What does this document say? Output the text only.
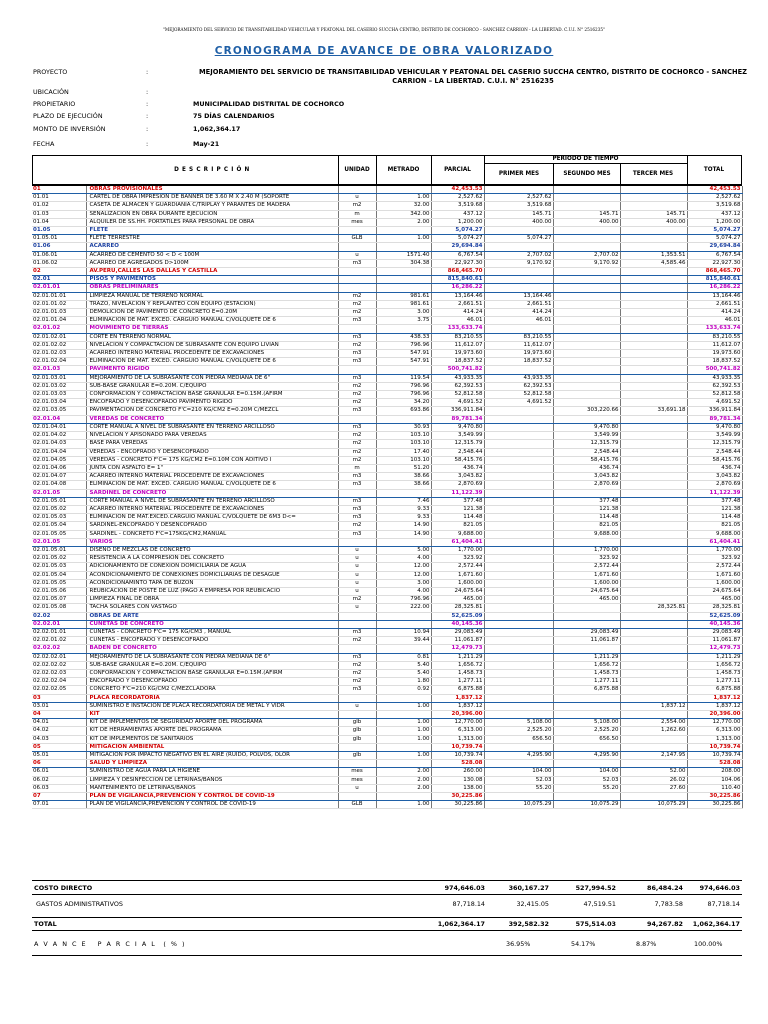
"MEJORAMIENTO DEL SERVICIO DE TRANSITABILIDAD VEHICULAR Y PEATONAL DEL CASERIO SUCCHA CENTRO, DISTRITO DE COCHORCO - SANCHEZ CARRION - LA LIBERTAD. C.U.I. N° 2516235"
CRONOGRAMA DE AVANCE DE OBRA VALORIZADO
PROYECTO	:	MEJORAMIENTO DEL SERVICIO DE TRANSITABILIDAD VEHICULAR Y PEATONAL DEL CASERIO SUCCHA CENTRO, DISTRITO DE COCHORCO - SANCHEZ CARRION – LA LIBERTAD. C.U.I. N° 2516235
UBICACIÓN	:
PROPIETARIO	:	MUNICIPALIDAD DISTRITAL DE COCHORCO
PLAZO DE EJECUCIÓN	:	75 DÍAS CALENDARIOS
MONTO DE INVERSIÓN	:	1,062,364.17
FECHA	:	May-21
D E S C R I P C I Ó N	UNIDAD	METRADO	PARCIAL
PERIODO DE TIEMPO
PRIMER MES	SEGUNDO MES	TERCER MES
TOTAL
01	OBRAS PROVISIONALES			42,453.53				42,453.53
01.01	CARTEL DE OBRA IMPRESION DE BANNER DE 3.60 M X 2.40 M (SOPORTE	u	1.00	2,527.62	2,527.62			2,527.62
01.02	CASETA DE ALMACÉN Y GUARDIANÍA C/TRIPLAY Y PARANTES DE MADERA	m2	32.00	3,519.68	3,519.68			3,519.68
01.03	SEÑALIZACION EN OBRA DURANTE EJECUCION	m	342.00	437.12	145.71	145.71	145.71	437.12
01.04	ALQUILER DE SS.HH. PORTATILES PARA PERSONAL DE OBRA	mes	2.00	1,200.00	400.00	400.00	400.00	1,200.00
01.05	FLETE			5,074.27				5,074.27
01.05.01	FLETE TERRESTRE	GLB	1.00	5,074.27	5,074.27			5,074.27
01.06	ACARREO			29,694.84				29,694.84
01.06.01	ACARREO DE CEMENTO 50 < D < 100M	u	1571.40	6,767.54	2,707.02	2,707.02	1,353.51	6,767.54
01.06.02	ACARREO DE AGREGADOS D>100M	m3	304.38	22,927.30	9,170.92	9,170.92	4,585.46	22,927.30
02	AV.PERU,CALLES LAS DALLAS Y CASTILLA			868,465.70				868,465.70
02.01	PISOS Y PAVIMENTOS			815,840.61				815,840.61
02.01.01	OBRAS PRELIMINARES			16,286.22				16,286.22
02.01.01.01	LIMPIEZA MANUAL DE TERRENO NORMAL	m2	981.61	13,164.46	13,164.46			13,164.46
02.01.01.02	TRAZO, NIVELACION Y REPLANTEO CON EQUIPO (ESTACION)	m2	981.61	2,661.51	2,661.51			2,661.51
02.01.01.03	DEMOLICIÓN DE PAVIMENTO DE CONCRETO E=0.20M	m2	3.00	414.24	414.24			414.24
02.01.01.04	ELIMINACIÓN DE MAT. EXCED. CARGUIO MANUAL C/VOLQUETE DE 6	m3	3.75	46.01	46.01			46.01
02.01.02	MOVIMIENTO DE TIERRAS			133,633.74				133,633.74
02.01.02.01	CORTE EN TERRENO NORMAL	m3	438.33	83,210.55	83,210.55			83,210.55
02.01.02.02	NIVELACIÓN Y COMPACTACIÓN DE SUBRASANTE CON EQUIPO LIVIAN	m2	796.96	11,612.07	11,612.07			11,612.07
02.01.02.03	ACARREO INTERNO MATERIAL PROCEDENTE DE EXCAVACIONES	m3	547.91	19,973.60	19,973.60			19,973.60
02.01.02.04	ELIMINACIÓN DE MAT. EXCED. CARGUIO MANUAL C/VOLQUETE DE 6	m3	547.91	18,837.52	18,837.52			18,837.52
02.01.03	PAVIMENTO RIGIDO			500,741.82				500,741.82
02.01.03.01	MEJORAMIENTO DE LA SUBRASANTE CON PIEDRA MEDIANA DE 6"	m3	119.54	43,933.35	43,933.35			43,933.35
02.01.03.02	SUB-BASE GRANULAR E=0.20M. C/EQUIPO	m2	796.96	62,392.53	62,392.53			62,392.53
02.01.03.03	CONFORMACIÓN Y COMPACTACIÓN BASE GRANULAR E=0.15M.(AFIRM	m2	796.96	52,812.58	52,812.58			52,812.58
02.01.03.04	ENCOFRADO Y DESENCOFRADO PAVIMENTO RIGIDO	m2	34.20	4,691.52	4,691.52			4,691.52
02.01.03.05	PAVIMENTACIÓN DE CONCRETO F'C=210 KG/CM2 E=0.20M C/MEZCL	m3	693.86	336,911.84		303,220.66	33,691.18	336,911.84
02.01.04	VEREDAS DE CONCRETO			89,781.34				89,781.34
02.01.04.01	CORTE MANUAL A NIVEL DE SUBRASANTE EN TERRENO ARCILLOSO	m3	30.93	9,470.80		9,470.80		9,470.80
02.01.04.02	NIVELACION Y APISONADO PARA VEREDAS	m2	103.10	3,549.99		3,549.99		3,549.99
02.01.04.03	BASE PARA VEREDAS	m2	103.10	12,315.79		12,315.79		12,315.79
02.01.04.04	VEREDAS - ENCOFRADO Y DESENCOFRADO	m2	17.40	2,548.44		2,548.44		2,548.44
02.01.04.05	VEREDAS - CONCRETO F'C= 175 KG/CM2 E=0.10M CON ADITIVO I	m2	103.10	58,415.76		58,415.76		58,415.76
02.01.04.06	JUNTA CON ASFALTO E= 1"	m	51.20	436.74		436.74		436.74
02.01.04.07	ACARREO INTERNO MATERIAL PROCEDENTE DE EXCAVACIONES	m3	38.66	3,043.82		3,043.82		3,043.82
02.01.04.08	ELIMINACIÓN DE MAT. EXCED. CARGUIO MANUAL C/VOLQUETE DE 6	m3	38.66	2,870.69		2,870.69		2,870.69
02.01.05	SARDINEL DE CONCRETO			11,122.39				11,122.39
02.01.05.01	CORTE MANUAL A NIVEL DE SUBRASANTE EN TERRENO ARCILLOSO	m3	7.46	377.48		377.48		377.48
02.01.05.02	ACARREO INTERNO MATERIAL PROCEDENTE DE EXCAVACIONES	m3	9.33	121.38		121.38		121.38
02.01.05.03	ELIMINACION DE MAT.EXCED.CARGUIO MANUAL C/VOLQUETE DE 6M3 D<=	m3	9.33	114.48		114.48		114.48
02.01.05.04	SARDINEL-ENCOFRADO Y DESENCOFRADO	m2	14.90	821.05		821.05		821.05
02.01.05.05	SARDINEL - CONCRETO F'C=175KG/CM2,MANUAL	m3	14.90	9,688.00		9,688.00		9,688.00
02.01.05	VARIOS			61,404.41				61,404.41
02.01.05.01	DISEÑO DE MEZCLAS DE CONCRETO	u	5.00	1,770.00		1,770.00		1,770.00
02.01.05.02	RESISTENCIA A LA COMPRESIÓN DEL CONCRETO	u	4.00	323.92		323.92		323.92
02.01.05.03	ADICIONAMIENTO DE CONEXION DOMICILIARIA DE AGUA	u	12.00	2,572.44		2,572.44		2,572.44
02.01.05.04	ACONDICIONAMIENTO DE CONEXIONES DOMICILIARIAS DE DESAGUE	u	12.00	1,671.60		1,671.60		1,671.60
02.01.05.05	ACONDICIONAMINTO TAPA DE BUZON	u	3.00	1,600.00		1,600.00		1,600.00
02.01.05.06	REUBICACION DE POSTE DE LUZ (PAGO A EMPRESA POR REUBICACIO	u	4.00	24,675.64		24,675.64		24,675.64
02.01.05.07	LIMPIEZA FINAL DE OBRA	m2	796.96	465.00		465.00		465.00
02.01.05.08	TACHA SOLARES CON VASTAGO	u	222.00	28,325.81			28,325.81	28,325.81
02.02	OBRAS DE ARTE			52,625.09				52,625.09
02.02.01	CUNETAS DE CONCRETO			40,145.36				40,145.36
02.02.01.01	CUNETAS - CONCRETO F'C= 175 KG/CM3 , MANUAL	m3	10.94	29,083.49		29,083.49		29,083.49
02.02.01.02	CUNETAS - ENCOFRADO Y DESENCOFRADO	m2	39.44	11,061.87		11,061.87		11,061.87
02.02.02	BADEN DE CONCRETO			12,479.73				12,479.73
02.02.02.01	MEJORAMIENTO DE LA SUBRASANTE CON PIEDRA MEDIANA DE 6"	m3	0.81	1,211.29		1,211.29		1,211.29
02.02.02.02	SUB-BASE GRANULAR E=0.20M. C/EQUIPO	m2	5.40	1,656.72		1,656.72		1,656.72
02.02.02.03	CONFORMACIÓN Y COMPACTACIÓN BASE GRANULAR E=0.15M.(AFIRM	m2	5.40	1,458.73		1,458.73		1,458.73
02.02.02.04	ENCOFRADO Y DESENCOFRADO	m2	1.80	1,277.11		1,277.11		1,277.11
02.02.02.05	CONCRETO F'C=210 KG/CM2 C/MEZCLADORA	m3	0.92	6,875.88		6,875.88		6,875.88
03	PLACA RECORDATORIA			1,837.12				1,837.12
03.01	SUMINISTRO E INSTACION DE PLACA RECORDATORIA DE METAL Y VIDR	u	1.00	1,837.12			1,837.12	1,837.12
04	KIT			20,396.00				20,396.00
04.01	KIT DE IMPLEMENTOS DE SEGURIDAD APORTE DEL PROGRAMA	glb	1.00	12,770.00	5,108.00	5,108.00	2,554.00	12,770.00
04.02	KIT DE HERRAMIENTAS APORTE DEL PROGRAMA	glb	1.00	6,313.00	2,525.20	2,525.20	1,262.60	6,313.00
04.03	KIT DE IMPLEMENTOS DE SANITARIOS	glb	1.00	1,313.00	656.50	656.50		1,313.00
05	MITIGACION AMBIENTAL			10,739.74				10,739.74
05.01	MITIGACION POR IMPACTO NEGATIVO EN EL AIRE (RUIDO, POLVOS, OLOR	glb	1.00	10,739.74	4,295.90	4,295.90	2,147.95	10,739.74
06	SALUD Y LIMPIEZA			528.08				528.08
06.01	SUMINISTRO DE AGUA PARA LA HIGIENE	mes	2.00	260.00	104.00	104.00	52.00	208.00
06.02	LIMPIEZA Y DESINFECCION DE LETRINAS/BAÑOS	mes	2.00	130.08	52.03	52.03	26.02	104.06
06.03	MANTENIMIENTO DE LETRINAS/BAÑOS	u	2.00	138.00	55.20	55.20	27.60	110.40
07	PLAN DE VIGILANCIA,PREVENCION Y CONTROL DE COVID-19			30,225.86				30,225.86
07.01	PLAN DE VIGILANCIA,PREVENCION Y CONTROL DE COVID-19	GLB	1.00	30,225.86	10,075.29	10,075.29	10,075.29	30,225.86
COSTO DIRECTO	974,646.03	360,167.27	527,994.52	86,484.24	974,646.03
GASTOS ADMINISTRATIVOS	87,718.14	32,415.05	47,519.51	7,783.58	87,718.14
TOTAL	1,062,364.17	392,582.32	575,514.03	94,267.82	1,062,364.17
A V A N C E   P A R C I A L  ( % )	36.95%	54.17%	8.87%	100.00%
